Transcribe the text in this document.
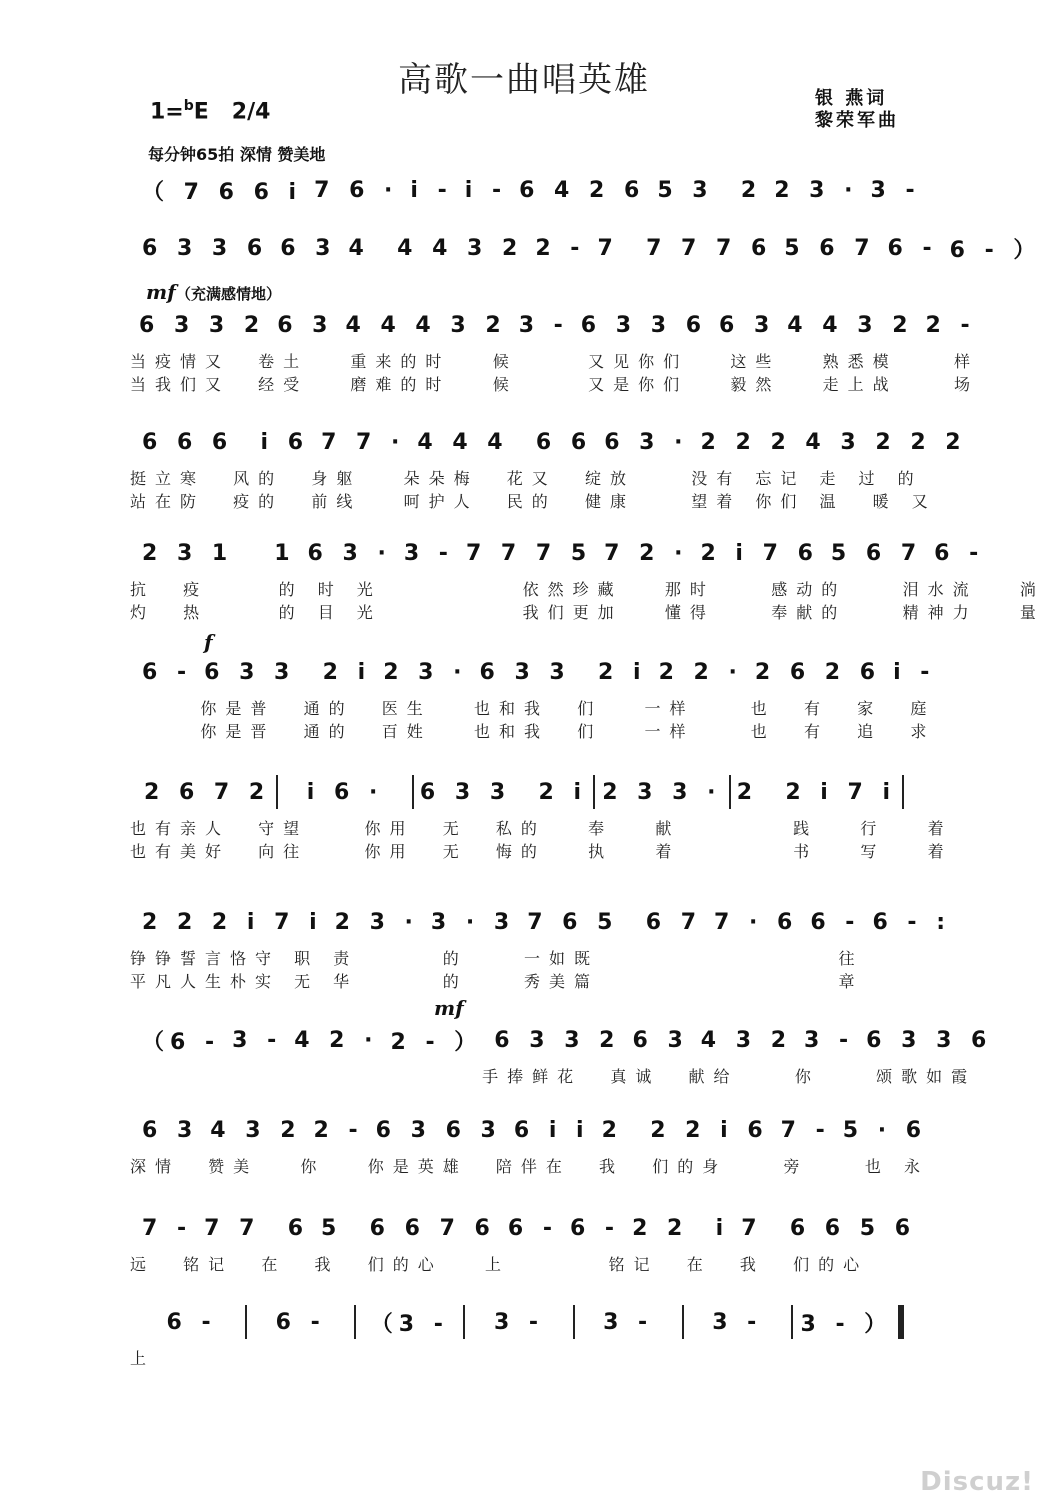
高歌一曲唱英雄
1=$^b$E 2/4
每分钟65拍 深情 赞美地
银 燕词
黎荣军曲
mf （充满感情地）
f
mf
（ 7 6 6 i 7 6 · i - i - 6 4 2 6 5 3  2 2 3 · 3 -
6 3 3 6 6 3 4  4 4 3 2 2 - 7  7 7 7 6 5 6 7 6 - 6 - ）
6 3 3 2 6 3 4 4 4 3 2 3 - 6 3 3 6 6 3 4 4 3 2 2 -
当疫情又  卷土   重来的时   候     又见你们   这些   熟悉模    样
当我们又  经受   磨难的时   候     又是你们   毅然   走上战    场
6 6 6  i 6 7 7 · 4 4 4  6 6 6 3 · 2 2 2 4 3 2 2 2
挺立寒  风的  身躯   朵朵梅  花又  绽放    没有 忘记 走 过 的
站在防  疫的  前线   呵护人  民的  健康    望着 你们 温  暖 又
2 3 1   1 6 3 · 3 - 7 7 7 5 7 2 · 2 i 7 6 5 6 7 6 -
抗  疫     的 时 光          依然珍藏   那时    感动的    泪水流   淌
灼  热     的 目 光          我们更加   懂得    奉献的    精神力   量
6 - 6 3 3  2 i 2 3 · 6 3 3  2 i 2 2 · 2 6 2 6 i -
你是普  通的  医生   也和我  们   一样    也  有  家  庭
你是晋  通的  百姓   也和我  们   一样    也  有  追  求
2 6 7 2	i 6 ·	6 3 3  2 i 2 3 3 · 2  2 i 7 i
也有亲人  守望    你用  无  私的   奉   献        践   行   着
也有美好  向往    你用  无  悔的   执   着        书   写   着
2 2 2 i 7 i 2 3 · 3 · 3 7 6 5  6 7 7 · 6 6 - 6 - :
铮铮誓言恪守 职 责      的    一如既                 往
平凡人生朴实 无 华      的    秀美篇                 章
（6 - 3 - 4 2 · 2 - ） 6 3 3 2 6 3 4 3 2 3 - 6 3 3 6
手捧鲜花  真诚  献给    你    颂歌如霞
6 3 4 3 2 2 - 6 3 6 3 6 i i 2  2 2 i 6 7 - 5 · 6
深情  赞美   你   你是英雄  陪伴在  我  们的身    旁    也 永
7 - 7 7  6 5  6 6 7 6 6 - 6 - 2 2  i 7  6 6 5 6
远  铭记  在  我  们的心   上       铭记  在  我  们的心
6 -	6 -	（3 -	3 -	3 -	3 -	3 - ）
上
Discuz!
